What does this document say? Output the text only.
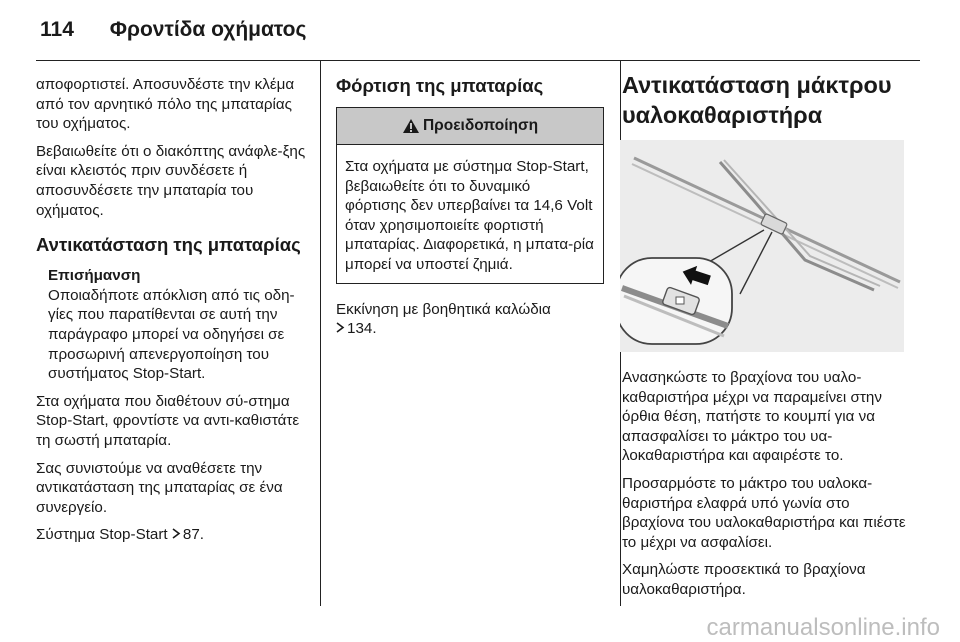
114 Φροντίδα οχήματος

αποφορτιστεί. Αποσυνδέστε την κλέμα από τον αρνητικό πόλο της μπαταρίας του οχήματος.

Βεβαιωθείτε ότι ο διακόπτης ανάφλε-ξης είναι κλειστός πριν συνδέσετε ή αποσυνδέσετε την μπαταρία του οχήματος.

Αντικατάσταση της μπαταρίας
Επισήμανση
Οποιαδήποτε απόκλιση από τις οδη-γίες που παρατίθενται σε αυτή την παράγραφο μπορεί να οδηγήσει σε προσωρινή απενεργοποίηση του συστήματος Stop-Start.

Στα οχήματα που διαθέτουν σύ-στημα Stop-Start, φροντίστε να αντι-καθιστάτε τη σωστή μπαταρία.

Σας συνιστούμε να αναθέσετε την αντικατάσταση της μπαταρίας σε ένα συνεργείο.

Σύστημα Stop-Start 87.

Φόρτιση της μπαταρίας
Προειδοποίηση
Στα οχήματα με σύστημα Stop-Start, βεβαιωθείτε ότι το δυναμικό φόρτισης δεν υπερβαίνει τα 14,6 Volt όταν χρησιμοποιείτε φορτιστή μπαταρίας. Διαφορετικά, η μπατα-ρία μπορεί να υποστεί ζημιά.

Εκκίνηση με βοηθητικά καλώδια

134.

Αντικατάσταση μάκτρου υαλοκαθαριστήρα

Ανασηκώστε το βραχίονα του υαλο-καθαριστήρα μέχρι να παραμείνει στην όρθια θέση, πατήστε το κουμπί για να απασφαλίσει το μάκτρο του υα-λοκαθαριστήρα και αφαιρέστε το.

Προσαρμόστε το μάκτρο του υαλοκα-θαριστήρα ελαφρά υπό γωνία στο βραχίονα του υαλοκαθαριστήρα και πιέστε το μέχρι να ασφαλίσει.

Χαμηλώστε προσεκτικά το βραχίονα υαλοκαθαριστήρα.

carmanualsonline.info
